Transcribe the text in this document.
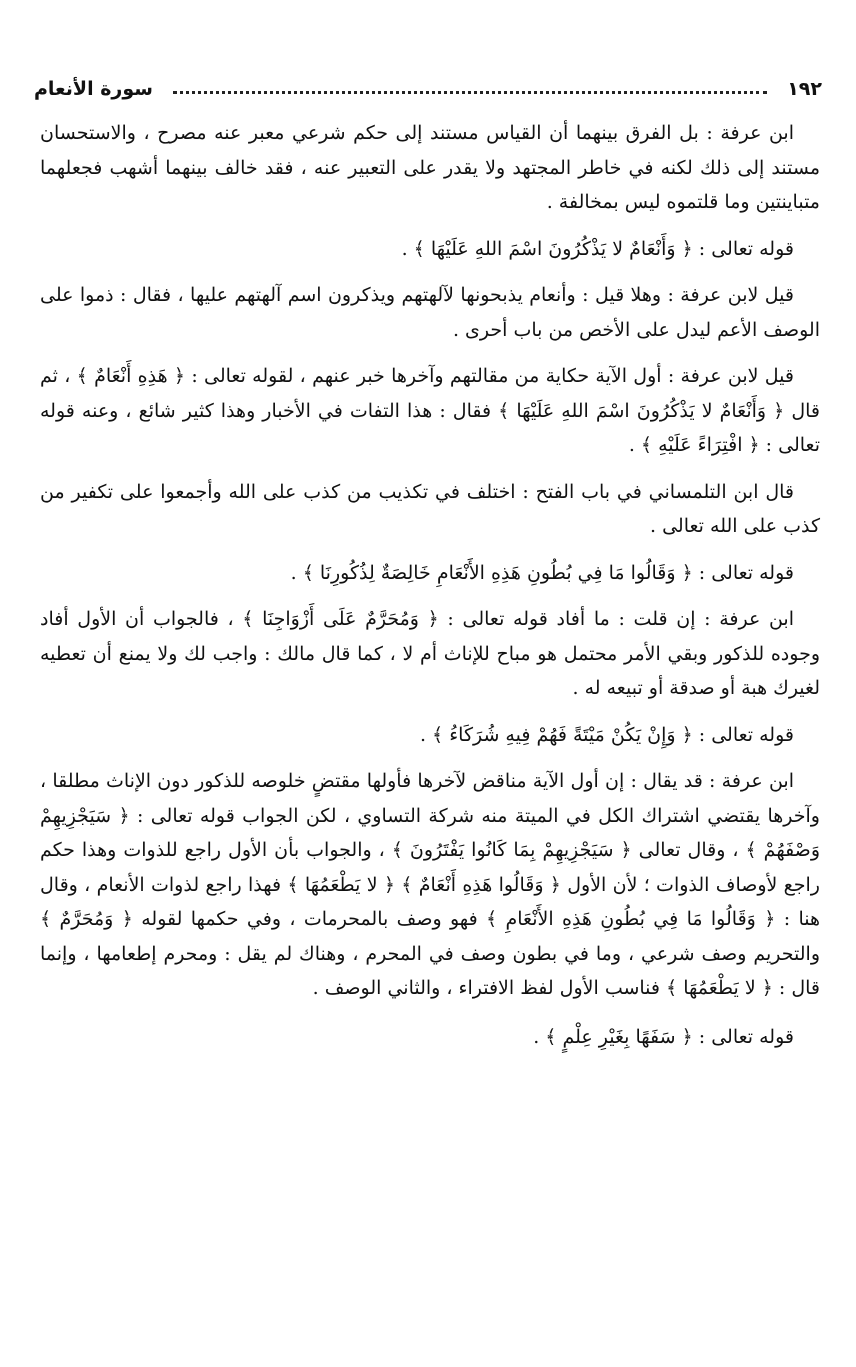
١٩٢
سورة الأنعام

ابن عرفة : بل الفرق بينهما أن القياس مستند إلى حكم شرعي معبر عنه مصرح ، والاستحسان مستند إلى ذلك لكنه في خاطر المجتهد ولا يقدر على التعبير عنه ، فقد خالف بينهما أشهب فجعلهما متباينتين وما قلتموه ليس بمخالفة .

قوله تعالى : ﴿ وَأَنْعَامٌ لا يَذْكُرُونَ اسْمَ اللهِ عَلَيْهَا ﴾ .

قيل لابن عرفة : وهلا قيل : وأنعام يذبحونها لآلهتهم ويذكرون اسم آلهتهم عليها ، فقال : ذموا على الوصف الأعم ليدل على الأخص من باب أحرى .

قيل لابن عرفة : أول الآية حكاية من مقالتهم وآخرها خبر عنهم ، لقوله تعالى : ﴿ هَذِهِ أَنْعَامٌ ﴾ ، ثم قال ﴿ وَأَنْعَامٌ لا يَذْكُرُونَ اسْمَ اللهِ عَلَيْهَا ﴾ فقال : هذا التفات في الأخبار وهذا كثير شائع ، وعنه قوله تعالى : ﴿ افْتِرَاءً عَلَيْهِ ﴾ .

قال ابن التلمساني في باب الفتح : اختلف في تكذيب من كذب على الله وأجمعوا على تكفير من كذب على الله تعالى .

قوله تعالى : ﴿ وَقَالُوا مَا فِي بُطُونِ هَذِهِ الأَنْعَامِ خَالِصَةٌ لِذُكُورِنَا ﴾ .

ابن عرفة : إن قلت : ما أفاد قوله تعالى : ﴿ وَمُحَرَّمٌ عَلَى أَزْوَاجِنَا ﴾ ، فالجواب أن الأول أفاد وجوده للذكور وبقي الأمر محتمل هو مباح للإناث أم لا ، كما قال مالك : واجب لك ولا يمنع أن تعطيه لغيرك هبة أو صدقة أو تبيعه له .

قوله تعالى : ﴿ وَإِنْ يَكُنْ مَيْتَةً فَهُمْ فِيهِ شُرَكَاءُ ﴾ .

ابن عرفة : قد يقال : إن أول الآية مناقض لآخرها فأولها مقتضٍ خلوصه للذكور دون الإناث مطلقا ، وآخرها يقتضي اشتراك الكل في الميتة منه شركة التساوي ، لكن الجواب قوله تعالى : ﴿ سَيَجْزِيهِمْ وَصْفَهُمْ ﴾ ، وقال تعالى ﴿ سَيَجْزِيهِمْ بِمَا كَانُوا يَفْتَرُونَ ﴾ ، والجواب بأن الأول راجع للذوات وهذا حكم راجع لأوصاف الذوات ؛ لأن الأول ﴿ وَقَالُوا هَذِهِ أَنْعَامٌ ﴾ ﴿ لا يَطْعَمُهَا ﴾ فهذا راجع لذوات الأنعام ، وقال هنا : ﴿ وَقَالُوا مَا فِي بُطُونِ هَذِهِ الأَنْعَامِ ﴾ فهو وصف بالمحرمات ، وفي حكمها لقوله ﴿ وَمُحَرَّمٌ ﴾ والتحريم وصف شرعي ، وما في بطون وصف في المحرم ، وهناك لم يقل : ومحرم إطعامها ، وإنما قال : ﴿ لا يَطْعَمُهَا ﴾ فناسب الأول لفظ الافتراء ، والثاني الوصف .

قوله تعالى : ﴿ سَفَهًا بِغَيْرِ عِلْمٍ ﴾ .
